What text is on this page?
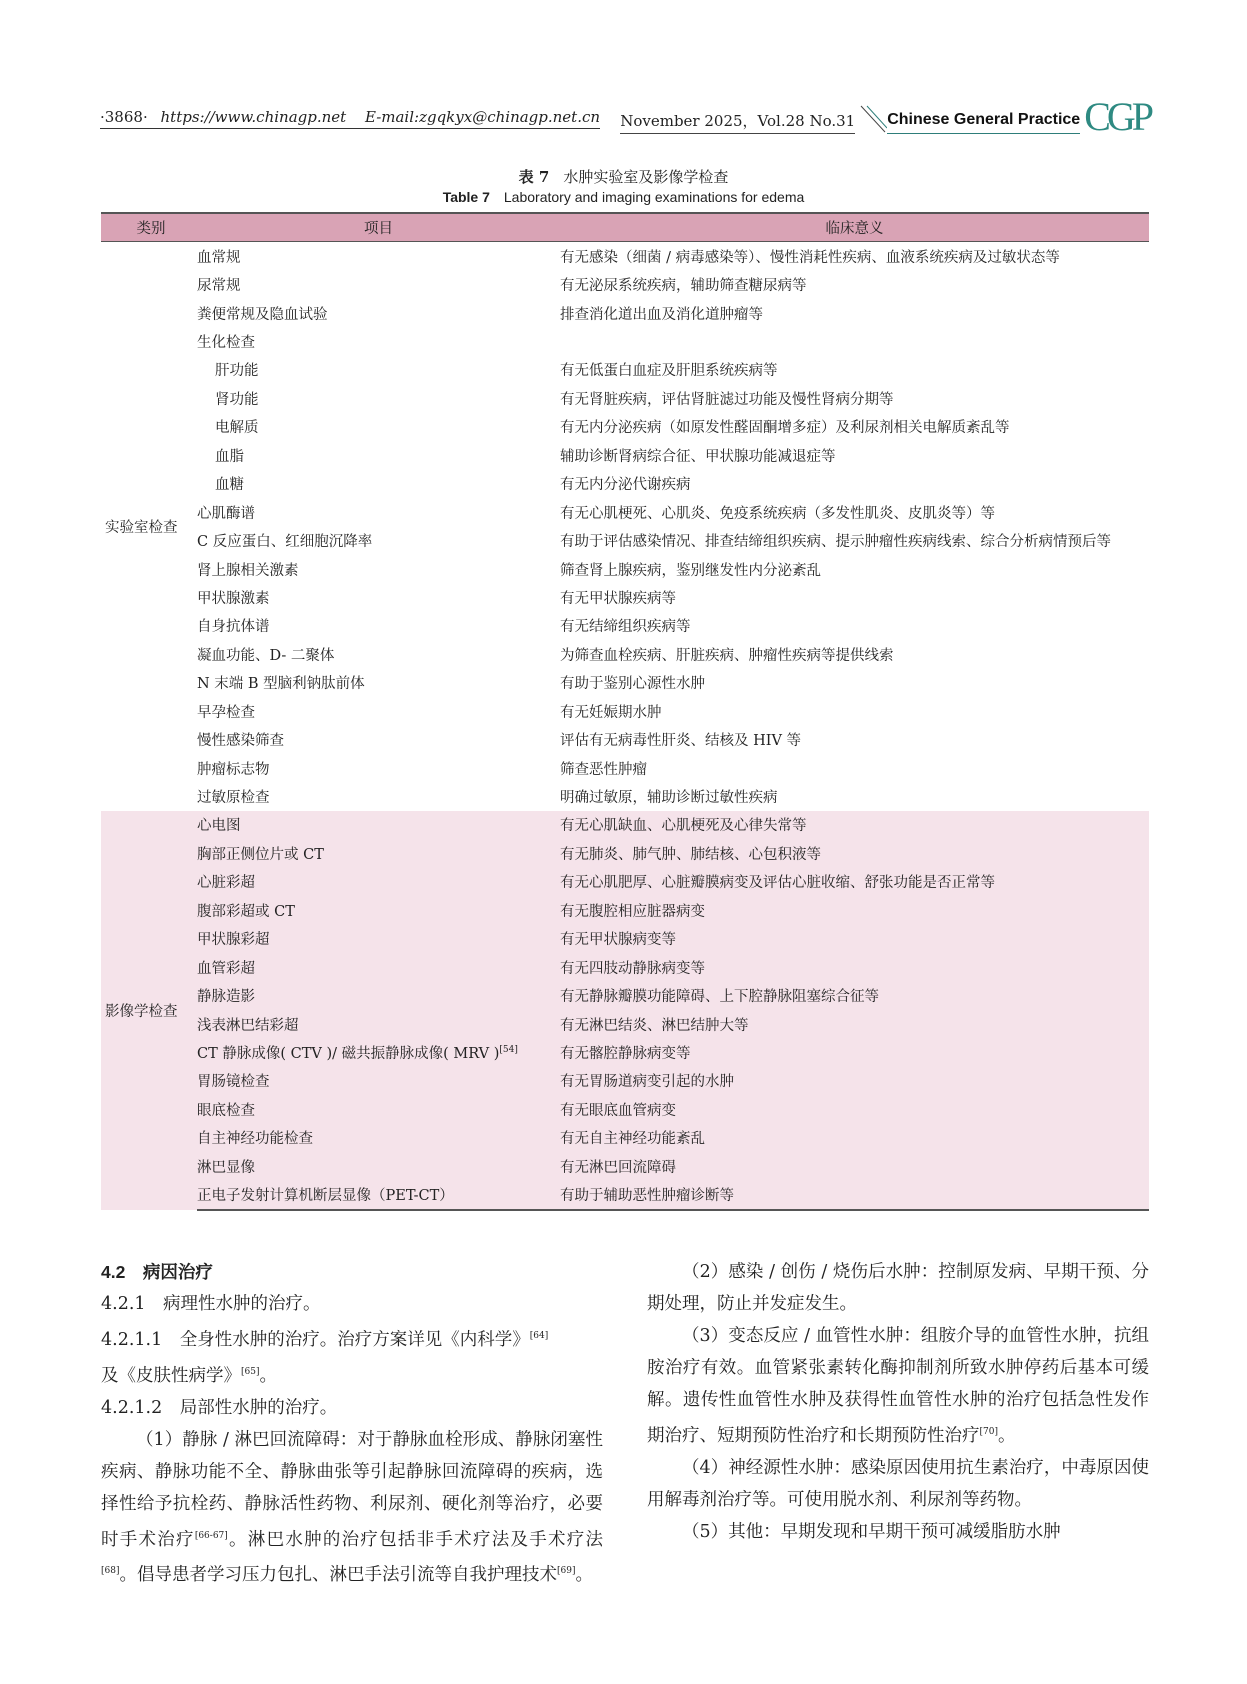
·3868· https://www.chinagp.net E-mail:zgqkyx@chinagp.net.cn November 2025，Vol.28 No.31 Chinese General Practice CGP
表 7 水肿实验室及影像学检查
Table 7 Laboratory and imaging examinations for edema
类别	项目	临床意义
实验室检查	血常规	有无感染（细菌 / 病毒感染等）、慢性消耗性疾病、血液系统疾病及过敏状态等
	尿常规	有无泌尿系统疾病，辅助筛查糖尿病等
	粪便常规及隐血试验	排查消化道出血及消化道肿瘤等
	生化检查	
	肝功能	有无低蛋白血症及肝胆系统疾病等
	肾功能	有无肾脏疾病，评估肾脏滤过功能及慢性肾病分期等
	电解质	有无内分泌疾病（如原发性醛固酮增多症）及利尿剂相关电解质紊乱等
	血脂	辅助诊断肾病综合征、甲状腺功能减退症等
	血糖	有无内分泌代谢疾病
	心肌酶谱	有无心肌梗死、心肌炎、免疫系统疾病（多发性肌炎、皮肌炎等）等
	C 反应蛋白、红细胞沉降率	有助于评估感染情况、排查结缔组织疾病、提示肿瘤性疾病线索、综合分析病情预后等
	肾上腺相关激素	筛查肾上腺疾病，鉴别继发性内分泌紊乱
	甲状腺激素	有无甲状腺疾病等
	自身抗体谱	有无结缔组织疾病等
	凝血功能、D- 二聚体	为筛查血栓疾病、肝脏疾病、肿瘤性疾病等提供线索
	N 末端 B 型脑利钠肽前体	有助于鉴别心源性水肿
	早孕检查	有无妊娠期水肿
	慢性感染筛查	评估有无病毒性肝炎、结核及 HIV 等
	肿瘤标志物	筛查恶性肿瘤
	过敏原检查	明确过敏原，辅助诊断过敏性疾病
影像学检查	心电图	有无心肌缺血、心肌梗死及心律失常等
	胸部正侧位片或 CT	有无肺炎、肺气肿、肺结核、心包积液等
	心脏彩超	有无心肌肥厚、心脏瓣膜病变及评估心脏收缩、舒张功能是否正常等
	腹部彩超或 CT	有无腹腔相应脏器病变
	甲状腺彩超	有无甲状腺病变等
	血管彩超	有无四肢动静脉病变等
	静脉造影	有无静脉瓣膜功能障碍、上下腔静脉阻塞综合征等
	浅表淋巴结彩超	有无淋巴结炎、淋巴结肿大等
	CT 静脉成像( CTV )/ 磁共振静脉成像( MRV )[54]	有无髂腔静脉病变等
	胃肠镜检查	有无胃肠道病变引起的水肿
	眼底检查	有无眼底血管病变
	自主神经功能检查	有无自主神经功能紊乱
	淋巴显像	有无淋巴回流障碍
	正电子发射计算机断层显像（PET-CT）	有助于辅助恶性肿瘤诊断等

4.2　病因治疗

4.2.1　病理性水肿的治疗。

4.2.1.1　全身性水肿的治疗。治疗方案详见《内科学》[64]
及《皮肤性病学》[65]。

4.2.1.2　局部性水肿的治疗。

（1）静脉 / 淋巴回流障碍：对于静脉血栓形成、静脉闭塞性疾病、静脉功能不全、静脉曲张等引起静脉回流障碍的疾病，选择性给予抗栓药、静脉活性药物、利尿剂、硬化剂等治疗，必要时手术治疗[66-67]。淋巴水肿的治疗包括非手术疗法及手术疗法[68]。倡导患者学习压力包扎、淋巴手法引流等自我护理技术[69]。

（2）感染 / 创伤 / 烧伤后水肿：控制原发病、早期干预、分期处理，防止并发症发生。

（3）变态反应 / 血管性水肿：组胺介导的血管性水肿，抗组胺治疗有效。血管紧张素转化酶抑制剂所致水肿停药后基本可缓解。遗传性血管性水肿及获得性血管性水肿的治疗包括急性发作期治疗、短期预防性治疗和长期预防性治疗[70]。

（4）神经源性水肿：感染原因使用抗生素治疗，中毒原因使用解毒剂治疗等。可使用脱水剂、利尿剂等药物。

（5）其他：早期发现和早期干预可减缓脂肪水肿
